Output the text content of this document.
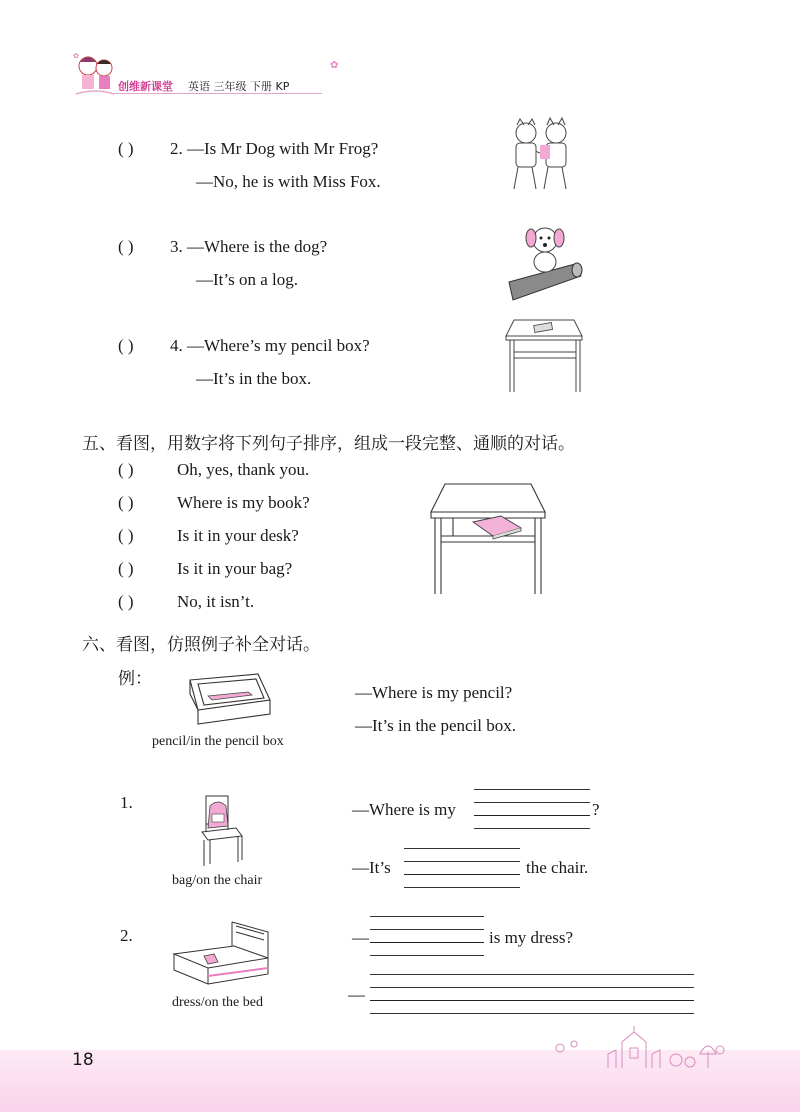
✿
创维新课堂 英语 三年级 下册 KP
✿
( ) 2. —Is Mr Dog with Mr Frog?
—No, he is with Miss Fox.
( ) 3. —Where is the dog?
—It’s on a log.
( ) 4. —Where’s my pencil box?
—It’s in the box.
五、看图，用数字将下列句子排序，组成一段完整、通顺的对话。
( )	Oh, yes, thank you.
( )	Where is my book?
( )	Is it in your desk?
( )	Is it in your bag?
( )	No, it isn’t.
六、看图，仿照例子补全对话。
例：
pencil/in the pencil box
—Where is my pencil?
—It’s in the pencil box.
1.
bag/on the chair
—Where is my	?
—It’s	the chair.
2.
dress/on the bed
—	is my dress?
—
18
